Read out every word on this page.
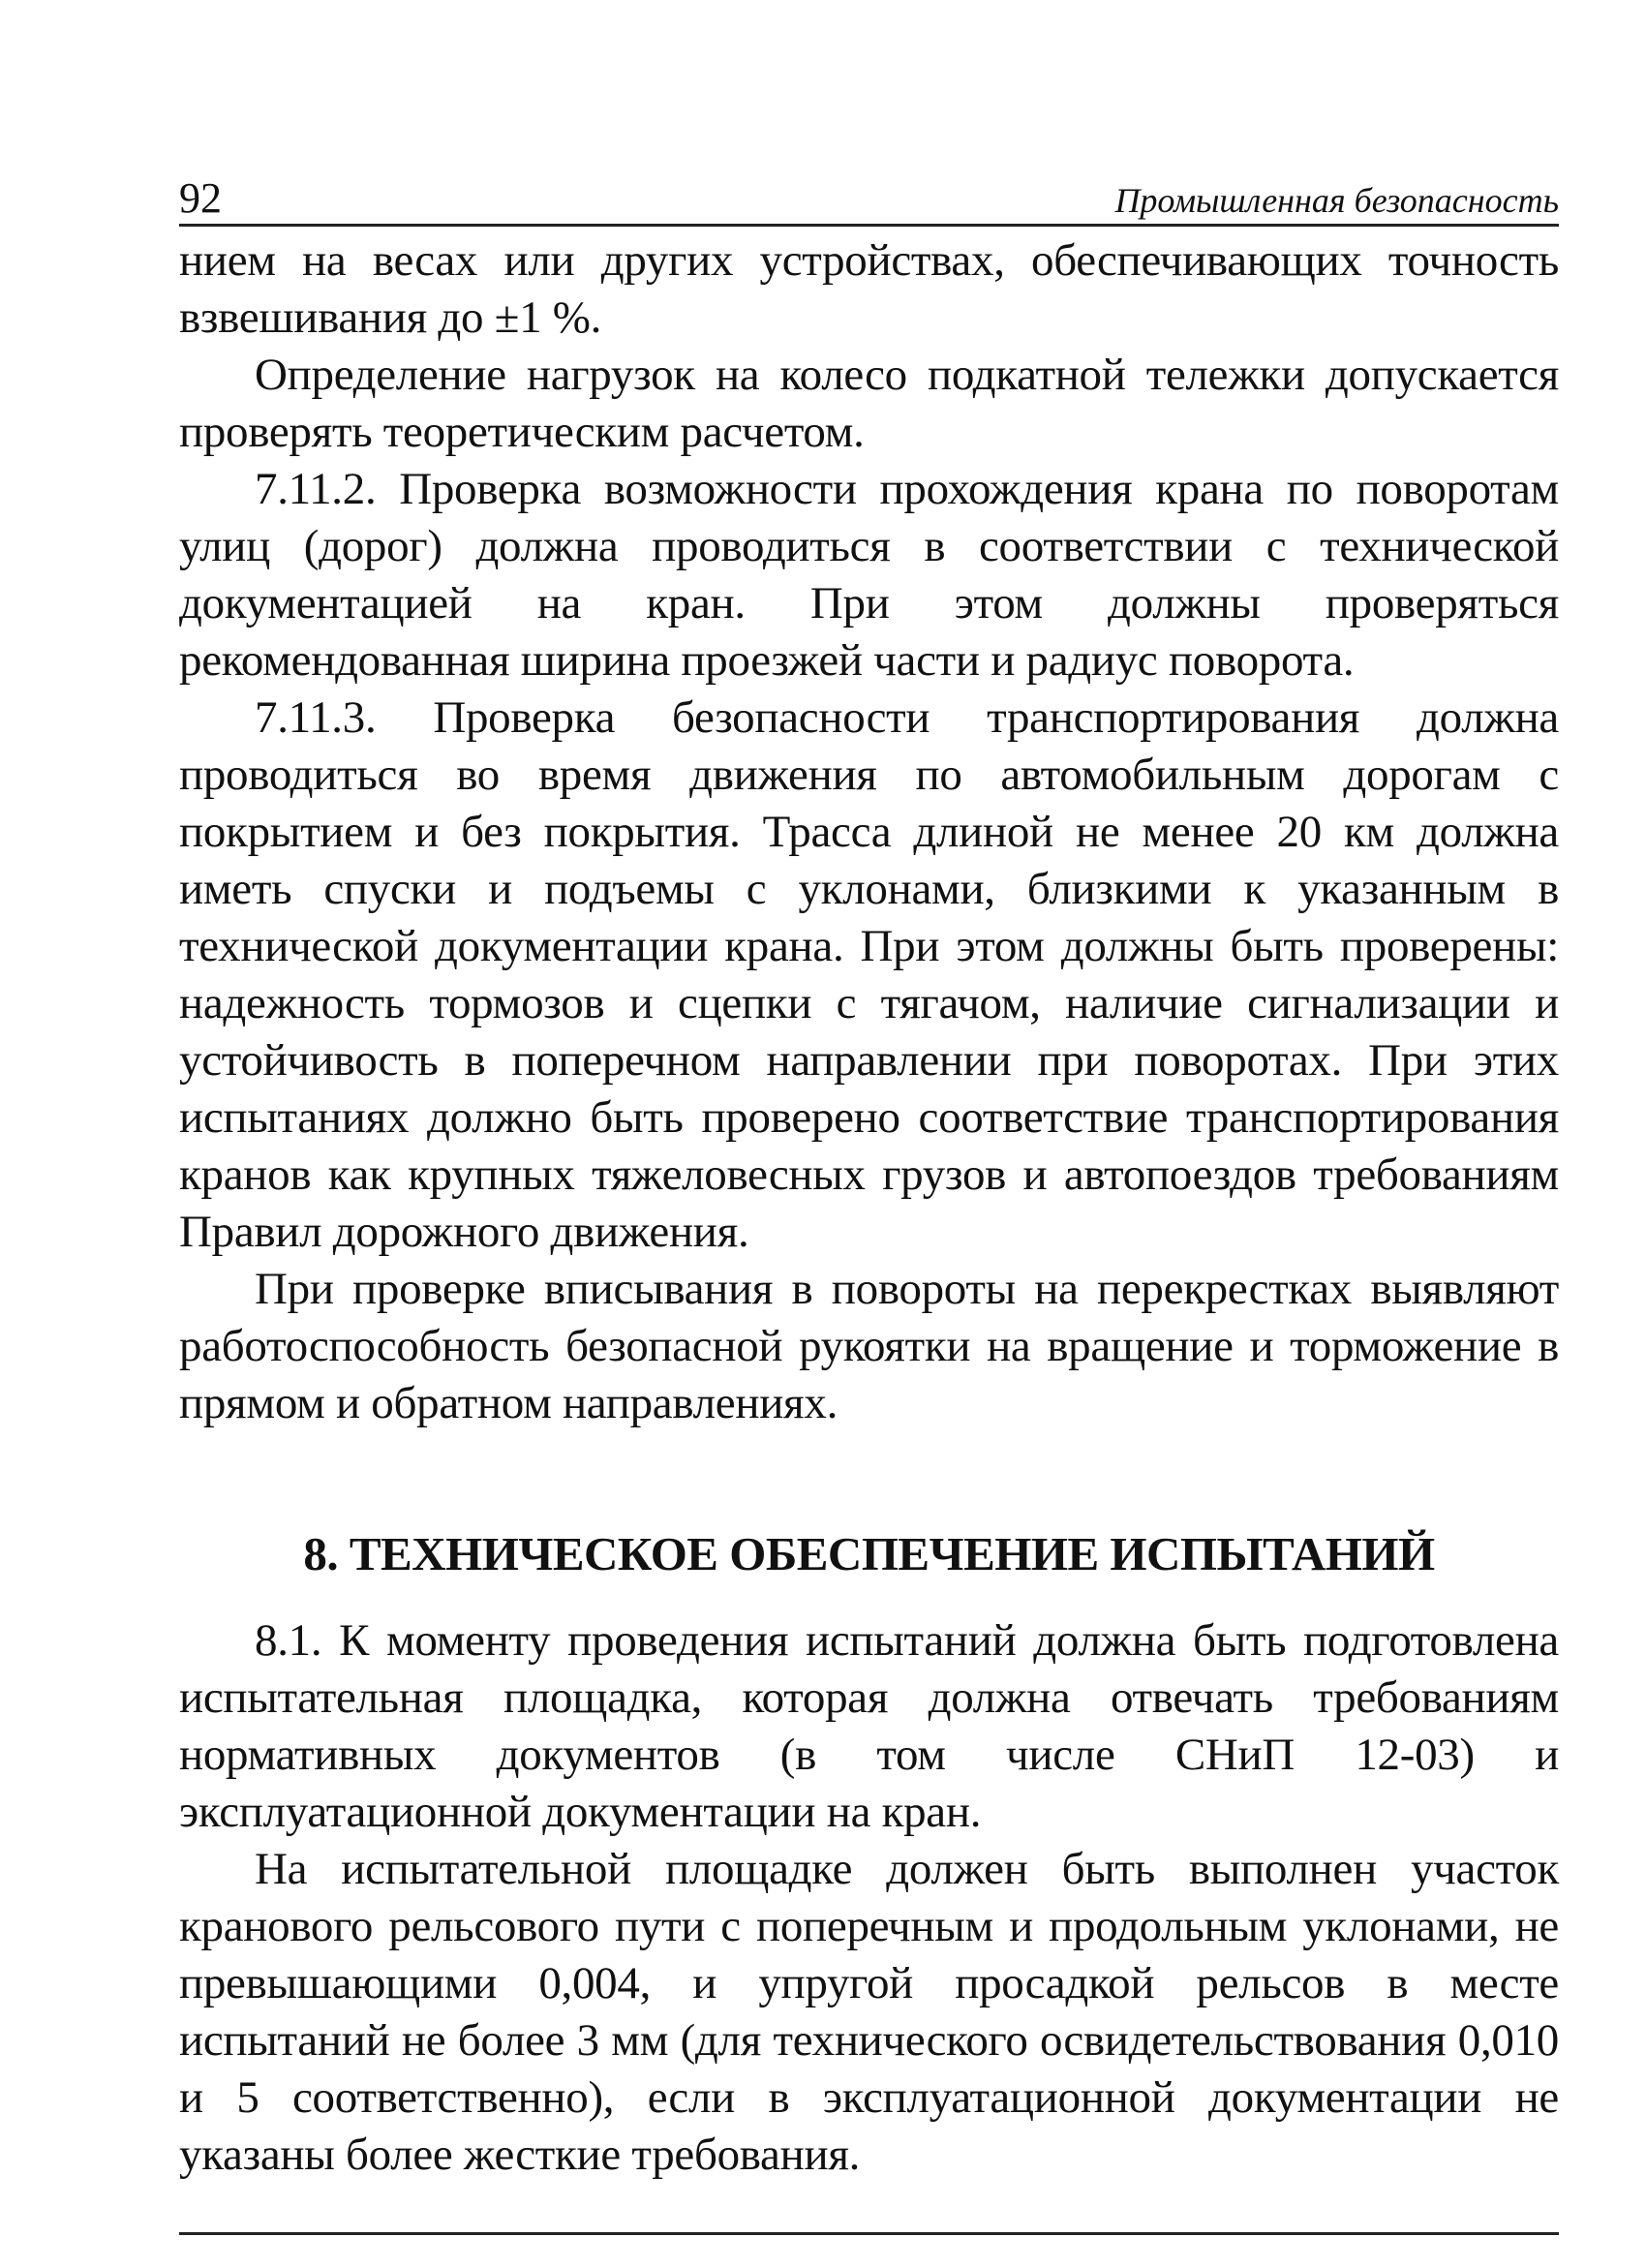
92	Промышленная безопасность

нием на весах или других устройствах, обеспечивающих точность взвешивания до ±1 %.

Определение нагрузок на колесо подкатной тележки допускается проверять теоретическим расчетом.

7.11.2. Проверка возможности прохождения крана по поворотам улиц (дорог) должна проводиться в соответствии с технической документацией на кран. При этом должны проверяться рекомендованная ширина проезжей части и радиус поворота.

7.11.3. Проверка безопасности транспортирования должна проводиться во время движения по автомобильным дорогам с покрытием и без покрытия. Трасса длиной не менее 20 км должна иметь спуски и подъемы с уклонами, близкими к указанным в технической документации крана. При этом должны быть проверены: надежность тормозов и сцепки с тягачом, наличие сигнализации и устойчивость в поперечном направлении при поворотах. При этих испытаниях должно быть проверено соответствие транспортирования кранов как крупных тяжеловесных грузов и автопоездов требованиям Правил дорожного движения.

При проверке вписывания в повороты на перекрестках выявляют работоспособность безопасной рукоятки на вращение и торможение в прямом и обратном направлениях.

8. ТЕХНИЧЕСКОЕ ОБЕСПЕЧЕНИЕ ИСПЫТАНИЙ

8.1. К моменту проведения испытаний должна быть подготовлена испытательная площадка, которая должна отвечать требованиям нормативных документов (в том числе СНиП 12-03) и эксплуатационной документации на кран.

На испытательной площадке должен быть выполнен участок кранового рельсового пути с поперечным и продольным уклонами, не превышающими 0,004, и упругой просадкой рельсов в месте испытаний не более 3 мм (для технического освидетельствования 0,010 и 5 соответственно), если в эксплуатационной документации не указаны более жесткие требования.
